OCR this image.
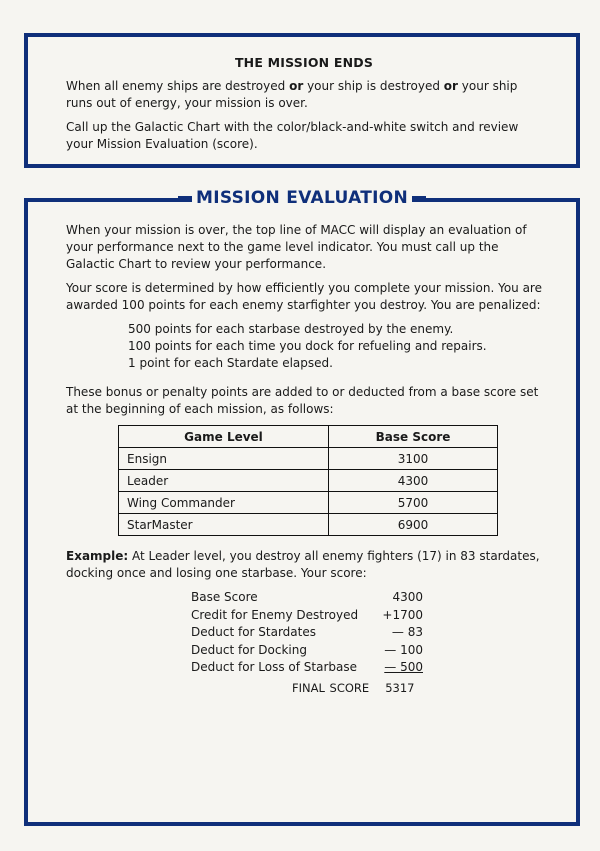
THE MISSION ENDS

When all enemy ships are destroyed or your ship is destroyed or your ship runs out of energy, your mission is over.

Call up the Galactic Chart with the color/black-and-white switch and review your Mission Evaluation (score).

MISSION EVALUATION

When your mission is over, the top line of MACC will display an evaluation of your performance next to the game level indicator. You must call up the Galactic Chart to review your performance.

Your score is determined by how efficiently you complete your mission. You are awarded 100 points for each enemy starfighter you destroy. You are penalized:

500 points for each starbase destroyed by the enemy.
100 points for each time you dock for refueling and repairs.
1 point for each Stardate elapsed.

These bonus or penalty points are added to or deducted from a base score set at the beginning of each mission, as follows:

Game Level	Base Score
Ensign	3100
Leader	4300
Wing Commander	5700
StarMaster	6900

Example: At Leader level, you destroy all enemy fighters (17) in 83 stardates, docking once and losing one starbase. Your score:

Base Score	4300
Credit for Enemy Destroyed +1700
Deduct for Stardates	— 83
Deduct for Docking	— 100
Deduct for Loss of Starbase — 500
FINAL SCORE 5317
